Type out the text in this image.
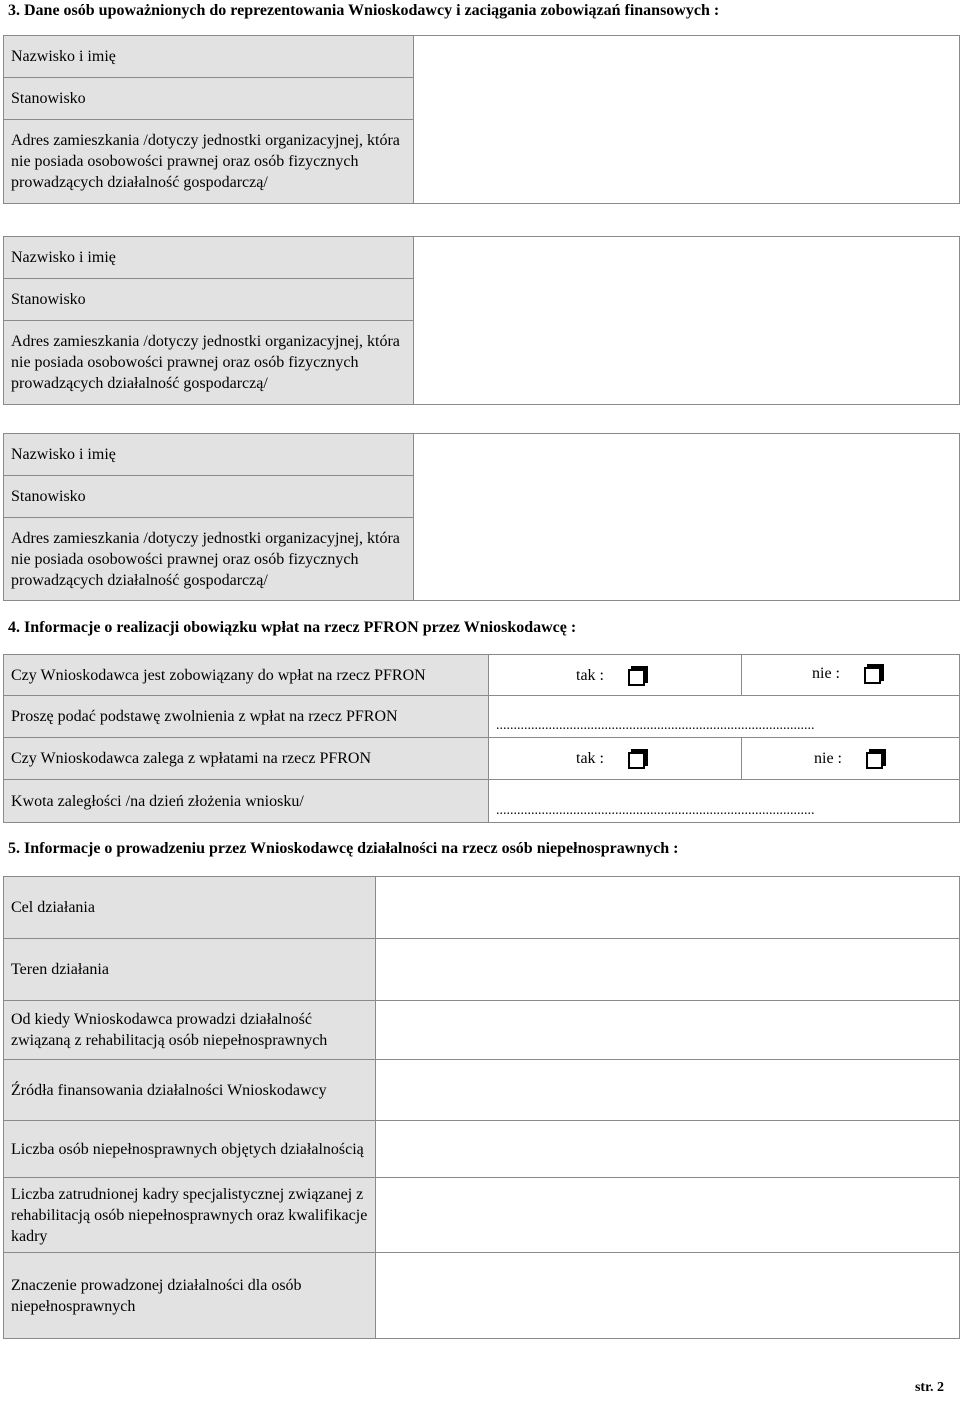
3. Dane osób upoważnionych do reprezentowania Wnioskodawcy i zaciągania zobowiązań finansowych :

Nazwisko i imię	
Stanowisko
Adres zamieszkania /dotyczy jednostki organizacyjnej, która nie posiada osobowości prawnej oraz osób fizycznych prowadzących działalność gospodarczą/
Nazwisko i imię	
Stanowisko
Adres zamieszkania /dotyczy jednostki organizacyjnej, która nie posiada osobowości prawnej oraz osób fizycznych prowadzących działalność gospodarczą/
Nazwisko i imię	
Stanowisko
Adres zamieszkania /dotyczy jednostki organizacyjnej, która nie posiada osobowości prawnej oraz osób fizycznych prowadzących działalność gospodarczą/

4. Informacje o realizacji obowiązku wpłat na rzecz PFRON przez Wnioskodawcę :

Czy Wnioskodawca jest zobowiązany do wpłat na rzecz PFRON	tak :	nie :
Proszę podać podstawę zwolnienia z wpłat na rzecz PFRON	...........................................................................................	

Czy Wnioskodawca zalega z wpłatami na rzecz PFRON	tak :	nie :
Kwota zaległości /na dzień złożenia wniosku/	...........................................................................................	

5. Informacje o prowadzeniu przez Wnioskodawcę działalności na rzecz osób niepełnosprawnych :

Cel działania	
Teren działania	
Od kiedy Wnioskodawca prowadzi działalność związaną z rehabilitacją osób niepełnosprawnych	
Źródła finansowania działalności Wnioskodawcy	
Liczba osób niepełnosprawnych objętych działalnością	
Liczba zatrudnionej kadry specjalistycznej związanej z rehabilitacją osób niepełnosprawnych oraz kwalifikacje kadry	
Znaczenie prowadzonej działalności dla osób niepełnosprawnych	
str. 2
